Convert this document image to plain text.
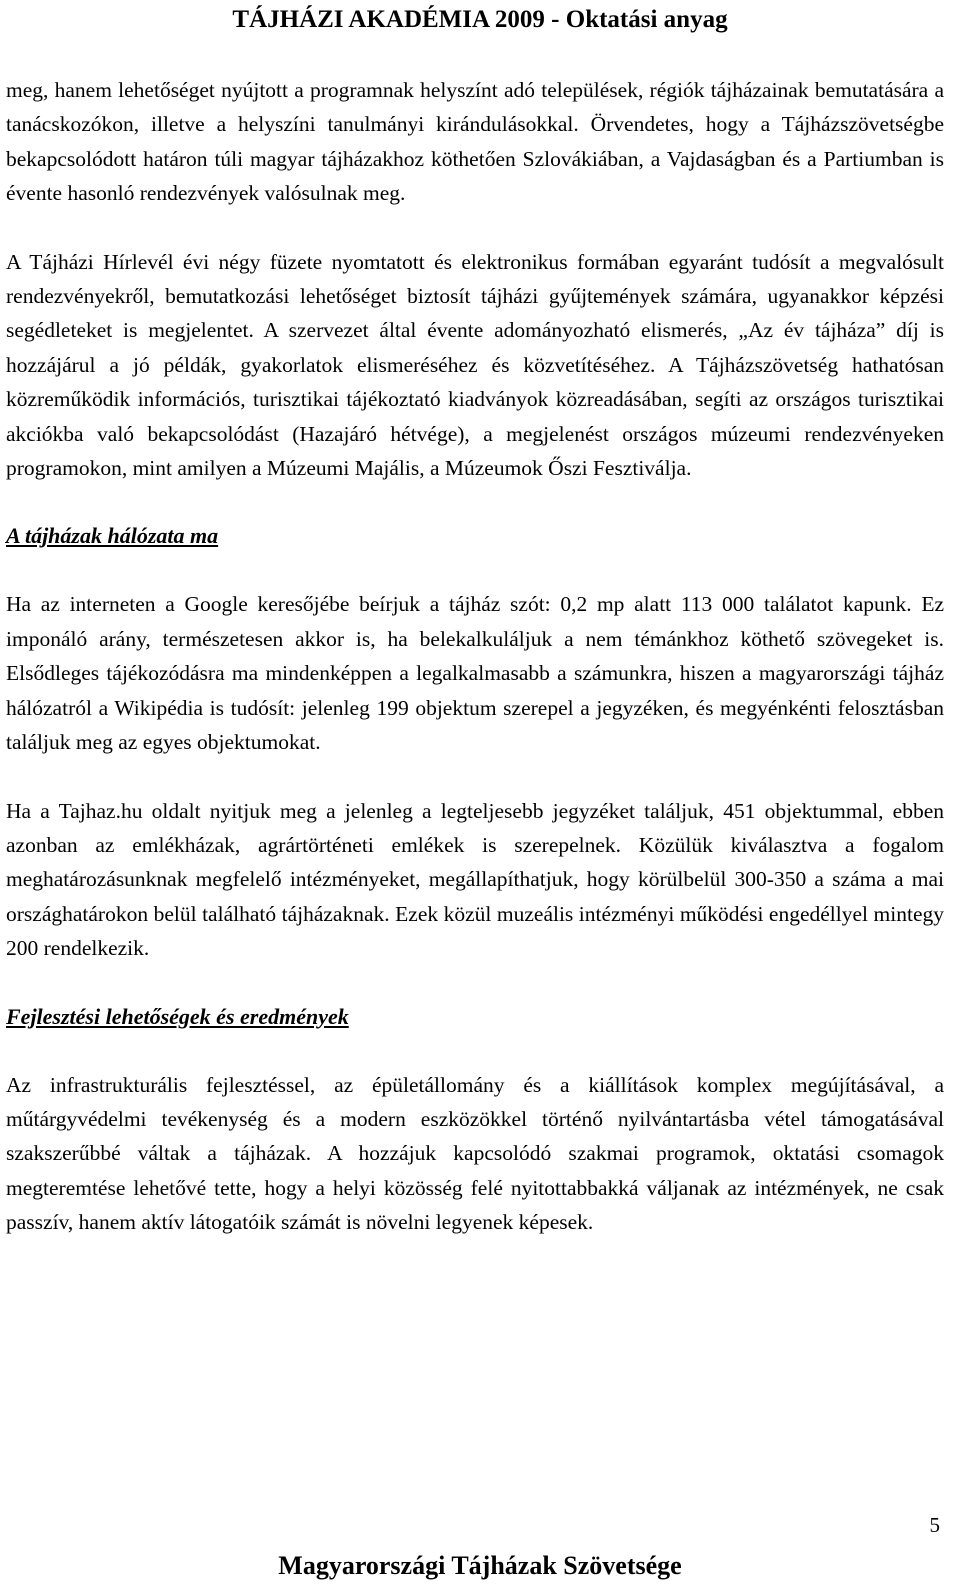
TÁJHÁZI AKADÉMIA 2009 - Oktatási anyag

meg, hanem lehetőséget nyújtott a programnak helyszínt adó települések, régiók tájházainak bemutatására a tanácskozókon, illetve a helyszíni tanulmányi kirándulásokkal. Örvendetes, hogy a Tájházszövetségbe bekapcsolódott határon túli magyar tájházakhoz köthetően Szlovákiában, a Vajdaságban és a Partiumban is évente hasonló rendezvények valósulnak meg.

A Tájházi Hírlevél évi négy füzete nyomtatott és elektronikus formában egyaránt tudósít a megvalósult rendezvényekről, bemutatkozási lehetőséget biztosít tájházi gyűjtemények számára, ugyanakkor képzési segédleteket is megjelentet. A szervezet által évente adományozható elismerés, „Az év tájháza” díj is hozzájárul a jó példák, gyakorlatok elismeréséhez és közvetítéséhez. A Tájházszövetség hathatósan közreműködik információs, turisztikai tájékoztató kiadványok közreadásában, segíti az országos turisztikai akciókba való bekapcsolódást (Hazajáró hétvége), a megjelenést országos múzeumi rendezvényeken programokon, mint amilyen a Múzeumi Majális, a Múzeumok Őszi Fesztiválja.

A tájházak hálózata ma

Ha az interneten a Google keresőjébe beírjuk a tájház szót: 0,2 mp alatt 113 000 találatot kapunk. Ez imponáló arány, természetesen akkor is, ha belekalkuláljuk a nem témánkhoz köthető szövegeket is. Elsődleges tájékozódásra ma mindenképpen a legalkalmasabb a számunkra, hiszen a magyarországi tájház hálózatról a Wikipédia is tudósít: jelenleg 199 objektum szerepel a jegyzéken, és megyénkénti felosztásban találjuk meg az egyes objektumokat.

Ha a Tajhaz.hu oldalt nyitjuk meg a jelenleg a legteljesebb jegyzéket találjuk, 451 objektummal, ebben azonban az emlékházak, agrártörténeti emlékek is szerepelnek. Közülük kiválasztva a fogalom meghatározásunknak megfelelő intézményeket, megállapíthatjuk, hogy körülbelül 300-350 a száma a mai országhatárokon belül található tájházaknak. Ezek közül muzeális intézményi működési engedéllyel mintegy 200 rendelkezik.

Fejlesztési lehetőségek és eredmények

Az infrastrukturális fejlesztéssel, az épületállomány és a kiállítások komplex megújításával, a műtárgyvédelmi tevékenység és a modern eszközökkel történő nyilvántartásba vétel támogatásával szakszerűbbé váltak a tájházak. A hozzájuk kapcsolódó szakmai programok, oktatási csomagok megteremtése lehetővé tette, hogy a helyi közösség felé nyitottabbakká váljanak az intézmények, ne csak passzív, hanem aktív látogatóik számát is növelni legyenek képesek.

5
Magyarországi Tájházak Szövetsége
